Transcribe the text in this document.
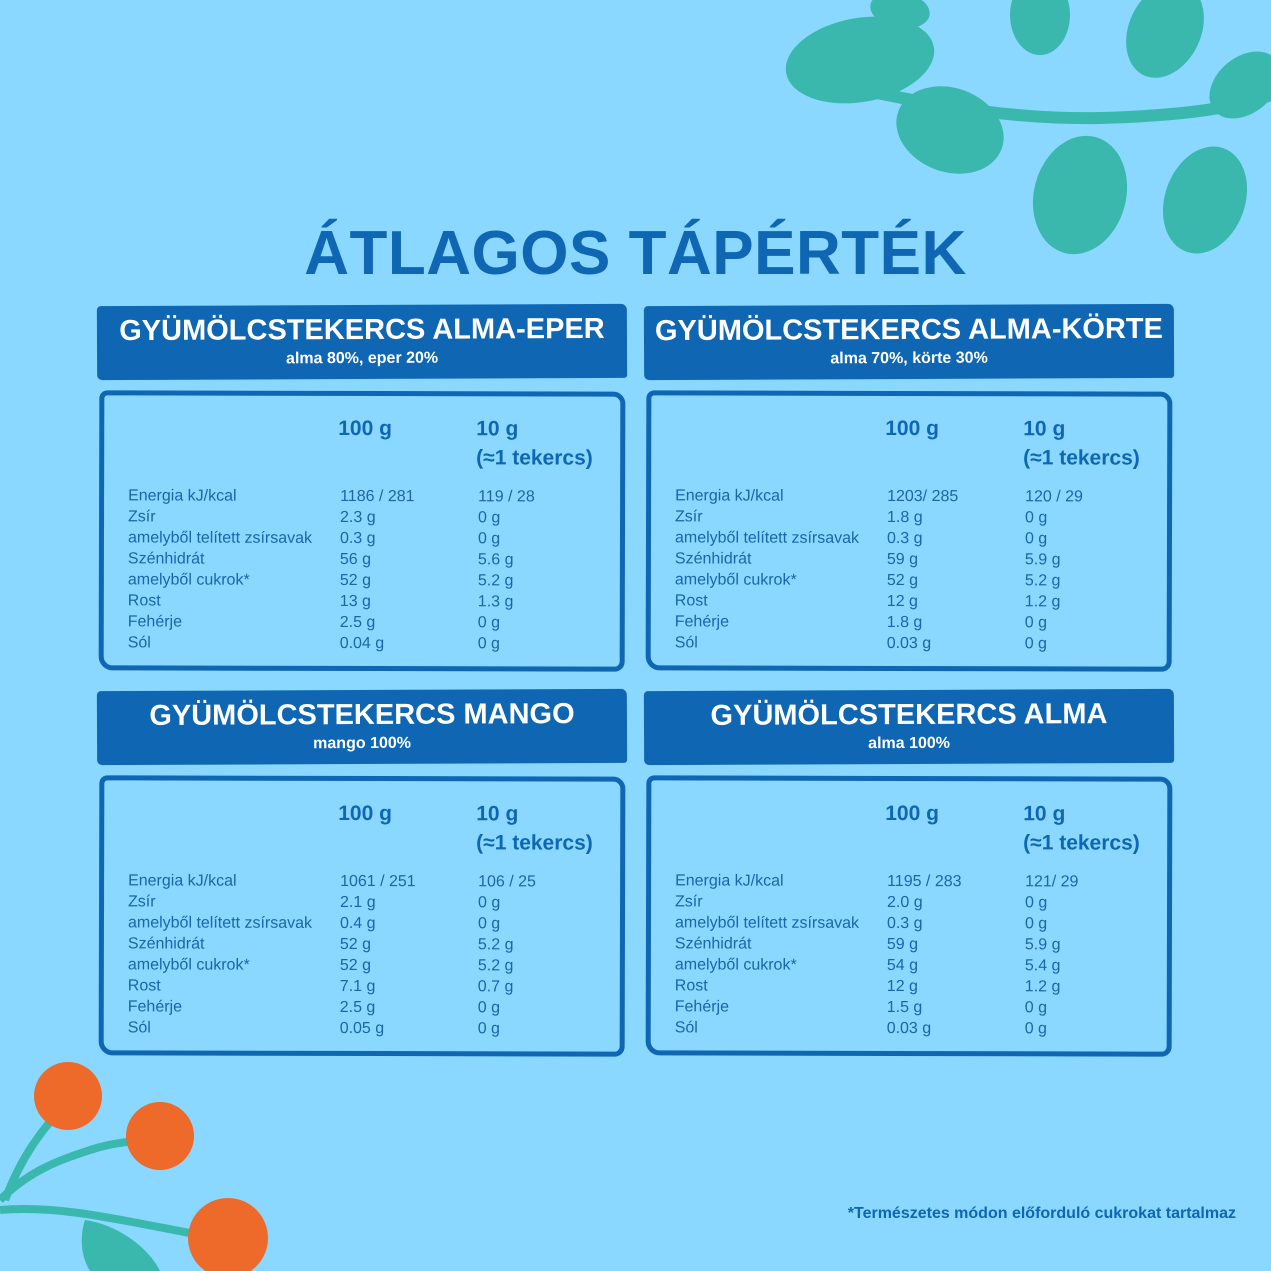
ÁTLAGOS TÁPÉRTÉK
GYÜMÖLCSTEKERCS ALMA-EPER
alma 80%, eper 20%
100 g	10 g
(≈1 tekercs)
Energia kJ/kcal	1186 / 281	119 / 28
Zsír	2.3 g	0 g
amelyből telített zsírsavak 0.3 g	0 g
Szénhidrát	56 g	5.6 g
amelyből cukrok*	52 g	5.2 g
Rost	13 g	1.3 g
Fehérje	2.5 g	0 g
Sól	0.04 g	0 g
GYÜMÖLCSTEKERCS ALMA-KÖRTE
alma 70%, körte 30%
100 g	10 g
(≈1 tekercs)
Energia kJ/kcal	1203/ 285	120 / 29
Zsír	1.8 g	0 g
amelyből telített zsírsavak 0.3 g	0 g
Szénhidrát	59 g	5.9 g
amelyből cukrok*	52 g	5.2 g
Rost	12 g	1.2 g
Fehérje	1.8 g	0 g
Sól	0.03 g	0 g
GYÜMÖLCSTEKERCS MANGO
mango 100%
100 g	10 g
(≈1 tekercs)
Energia kJ/kcal	1061 / 251	106 / 25
Zsír	2.1 g	0 g
amelyből telített zsírsavak 0.4 g	0 g
Szénhidrát	52 g	5.2 g
amelyből cukrok*	52 g	5.2 g
Rost	7.1 g	0.7 g
Fehérje	2.5 g	0 g
Sól	0.05 g	0 g
GYÜMÖLCSTEKERCS ALMA
alma 100%
100 g	10 g
(≈1 tekercs)
Energia kJ/kcal	1195 / 283	121/ 29
Zsír	2.0 g	0 g
amelyből telített zsírsavak 0.3 g	0 g
Szénhidrát	59 g	5.9 g
amelyből cukrok*	54 g	5.4 g
Rost	12 g	1.2 g
Fehérje	1.5 g	0 g
Sól	0.03 g	0 g
*Természetes módon előforduló cukrokat tartalmaz
